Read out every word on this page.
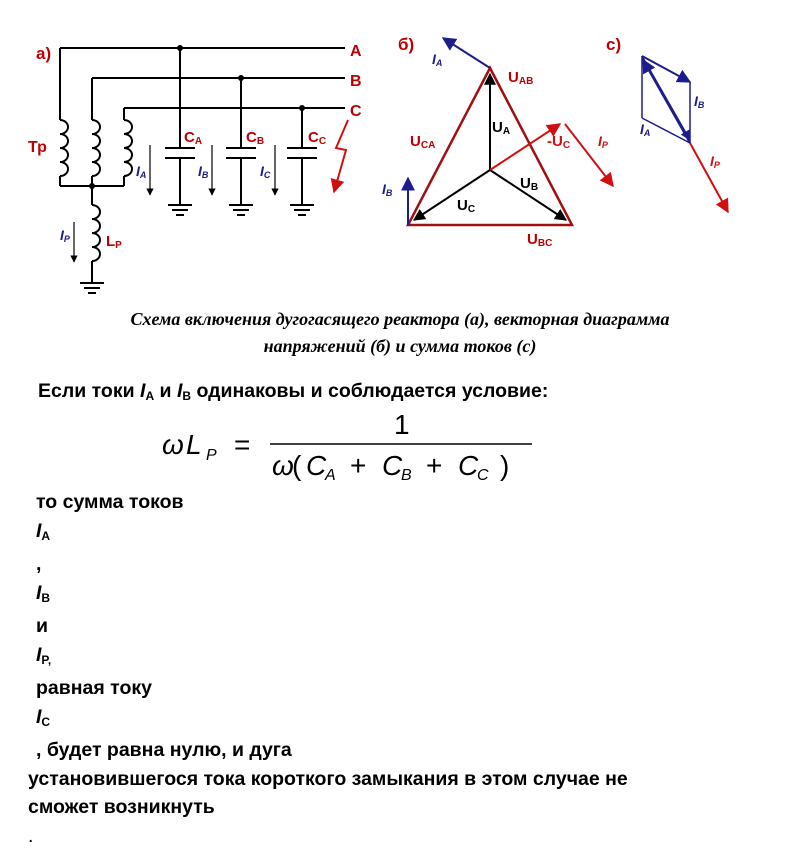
а)	A
B
C
Тр
LР
IР
CA	CB	CC
IA	IB	IC
б)
IA
UAB
UA
UCA	-UC IР
UB
IB
UC
UBC
с)
IB
IA
IР
Схема включения дугогасящего реактора (а), векторная диаграмма
напряжений (б) и сумма токов (с)
Если токи $I_A$ и $I_B$ одинаковы и соблюдается условие:
ω L P =
1
ω
( C
A + C
B + C
C )
то сумма токов
$I_A$
,
$I_B$
и
$I_{P,}$
равная току
$I_C$
, будет равна нулю, и дуга
установившегося тока короткого замыкания в этом случае не
сможет возникнуть
.
